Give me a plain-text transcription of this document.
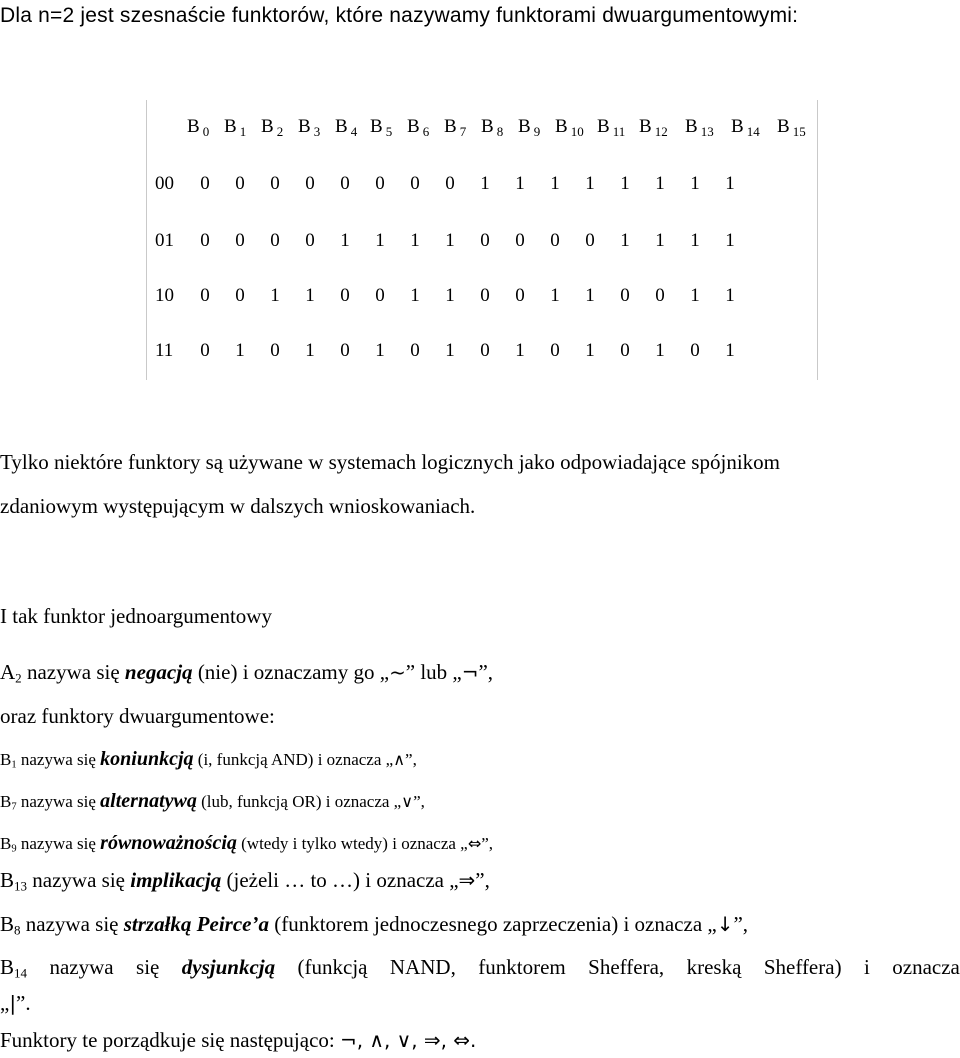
Dla n=2 jest szesnaście funktorów, które nazywamy funktorami dwuargumentowymi:
B $_0$ B $_1$ B $_2$ B $_3$ B $_4$ B $_5$ B $_6$ B $_7$ B $_8$ B $_9$ B $_{10}$ B $_{11}$ B $_{12}$ B $_{13}$ B $_{14}$ B $_{15}$
00	0	0	0	0	0	0	0	0	1	1	1	1	1	1	1	1
01	0	0	0	0	1	1	1	1	0	0	0	0	1	1	1	1
10	0	0	1	1	0	0	1	1	0	0	1	1	0	0	1	1
11	0	1	0	1	0	1	0	1	0	1	0	1	0	1	0	1
Tylko niektóre funktory są używane w systemach logicznych jako odpowiadające spójnikom
zdaniowym występującym w dalszych wnioskowaniach.
I tak funktor jednoargumentowy
$A_2$ nazywa się negacją (nie) i oznaczamy go „~” lub „¬”,
oraz funktory dwuargumentowe:
$B_1$ nazywa się koniunkcją (i, funkcją AND) i oznacza „∧”,
$B_7$ nazywa się alternatywą (lub, funkcją OR) i oznacza „∨”,
$B_9$ nazywa się równoważnością (wtedy i tylko wtedy) i oznacza „⇔”,
$B_{13}$ nazywa się implikacją (jeżeli … to …) i oznacza „⇒”,
$B_8$ nazywa się strzałką Peirce’a (funktorem jednoczesnego zaprzeczenia) i oznacza „↓”,
$B_{14}$ nazywa się dysjunkcją (funkcją NAND, funktorem Sheffera, kreską Sheffera) i oznacza
„|”.
Funktory te porządkuje się następująco: ¬, ∧, ∨, ⇒, ⇔.
